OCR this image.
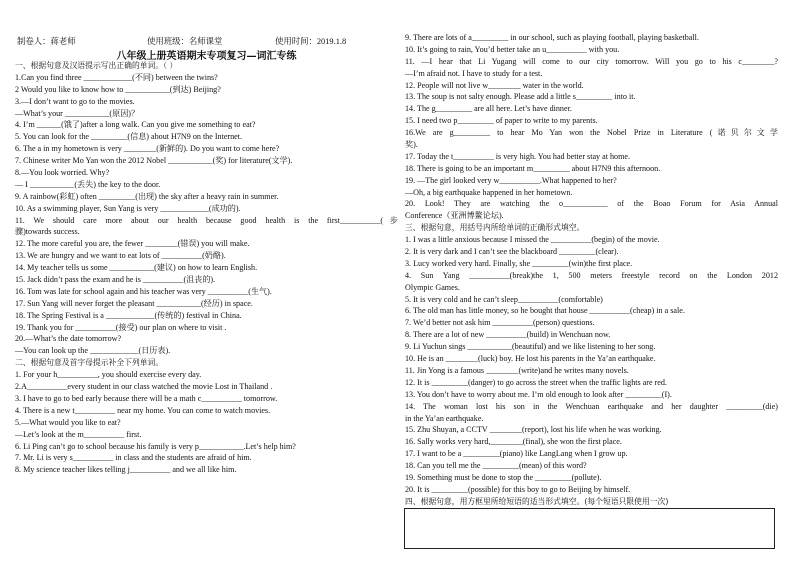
制卷人：蒋老师	使用班级：名师课堂	使用时间：2019.1.8
八年级上册英语期末专项复习—词汇专练
一、根据句意及汉语提示写出正确的单词。（ ）
1.Can you find three ____________(不同) between the twins?
2 Would you like to know how to ___________(到达) Beijing?
3.—I don’t want to go to the movies.
—What’s your ___________(原因)？
4. I’m ______(饿了)after a long walk. Can you give me something to eat?
5. You can look for the _________(信息) about H7N9 on the Internet.
6. The a in my hometown is very ________(新鲜的). Do you want to come here?
7. Chinese writer Mo Yan won the 2012 Nobel ___________(奖) for literature(文学).
8.—You look worried. Why?
— I ___________(丢失) the key to the door.
9. A rainbow(彩虹) often _________(出现) the sky after a heavy rain in summer.
10. As a swimming player, Sun Yang is very ____________(成功的).
11. We should care more about our health because good health is the first__________(步
骤)towards success.
12. The more careful you are, the fewer ________(错误) you will make.
13. We are hungry and we want to eat lots of __________(奶酪).
14. My teacher tells us some ___________(建议) on how to learn English.
15. Jack didn’t pass the exam and he is __________(沮丧的).
16. Tom was late for school again and his teacher was very __________(生气).
17. Sun Yang will never forget the pleasant ___________(经历) in space.
18. The Spring Festival is a ____________(传统的) festival in China.
19. Thank you for __________(接受) our plan on where to visit .
20.—What’s the date tomorrow?
—You can look up the ____________(日历表).
二、根据句意及首字母提示补全下列单词。
1. For your h__________, you should exercise every day.
2.A__________every student in our class watched the movie Lost in Thailand .
3. I have to go to bed early because there will be a math c__________ tomorrow.
4. There is a new t__________ near my home. You can come to watch movies.
5.—What would you like to eat?
—Let’s look at the m__________ first.
6. Li Ping can’t go to school because his family is very p___________.Let’s help him?
7. Mr. Li is very s__________ in class and the students are afraid of him.
8. My science teacher likes telling j__________ and we all like him.
9. There are lots of a_________ in our school, such as playing football, playing basketball.
10. It’s going to rain, You’d better take an u__________ with you.
11. —I hear that Li Yugang will come to our city tomorrow. Will you go to his c________?
—I’m afraid not. I have to study for a test.
12. People will not live w________ water in the world.
13. The soup is not salty enough. Please add a little s_________ into it.
14. The g_________ are all here. Let’s have dinner.
15. I need two p_________ of paper to write to my parents.
16.We are g_________ to hear Mo Yan won the Nobel Prize in Literature (诺贝尔文学
奖).
17. Today the t__________ is very high. You had better stay at home.
18. There is going to be an important m_________ about H7N9 this afternoon.
19. —The girl looked very w__________.What happened to her?
—Oh, a big earthquake happened in her hometown.
20. Look! They are watching the o___________ of the Boao Forum for Asia Annual
Conference（亚洲博鳌论坛).
三、根据句意，用括号内所给单词的正确形式填空。
1. I was a little anxious because I missed the __________(begin) of the movie.
2. It is very dark and I can’t see the blackboard _________(clear).
3. Lucy worked very hard. Finally, she _________(win)the first place.
4. Sun Yang __________(break)the 1, 500 meters freestyle record on the London 2012
Olympic Games.
5. It is very cold and he can’t sleep__________(comfortable)
6. The old man has little money, so he bought that house __________(cheap) in a sale.
7. We’d better not ask him __________(person) questions.
8. There are a lot of new __________(build) in Wenchuan now.
9. Li Yuchun sings ___________(beautiful) and we like listening to her song.
10. He is an ________(luck) boy. He lost his parents in the Ya’an earthquake.
11. Jin Yong is a famous ________(write)and he writes many novels.
12. It is _________(danger) to go across the street when the traffic lights are red.
13. You don’t have to worry about me. I’m old enough to look after _________(I).
14. The woman lost his son in the Wenchuan earthquake and her daughter _________(die)
in the Ya’an earthquake.
15. Zhu Shuyan, a CCTV ________(report), lost his life when he was working.
16. Sally works very hard,________(final), she won the first place.
17. I want to be a _________(piano) like LangLang when I grow up.
18. Can you tell me the _________(mean) of this word?
19. Something must be done to stop the _________(pollute).
20. It is _________(possible) for this boy to go to Beijing by himself.
四、根据句意，用方框里所给短语的适当形式填空。(每个短语只限使用一次)
